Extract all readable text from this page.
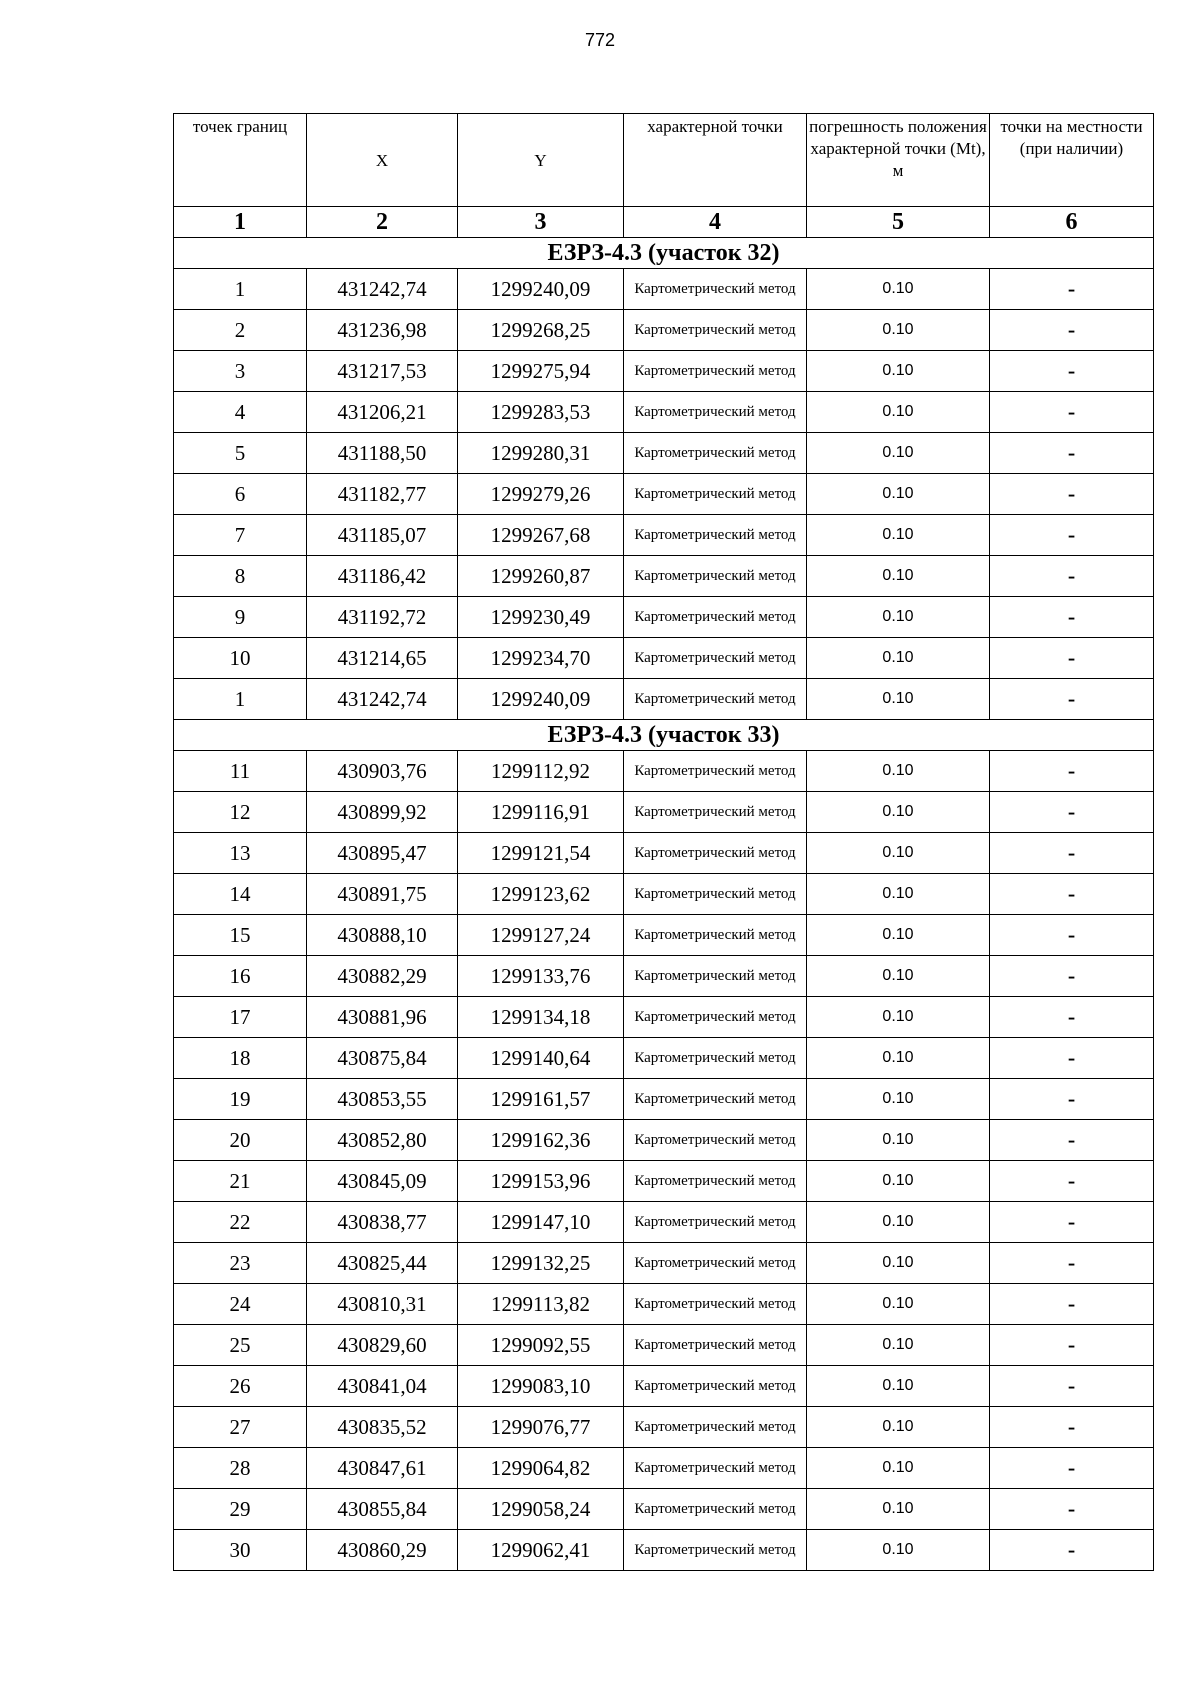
772
точек границ	X	Y	характерной точки	погрешность положения характерной точки (Mt), м	точки на местности (при наличии)
1	2	3	4	5	6
ЕЗРЗ-4.3 (участок 32)					
1	431242,74	1299240,09	Картометрический метод	0.10	-
2	431236,98	1299268,25	Картометрический метод	0.10	-
3	431217,53	1299275,94	Картометрический метод	0.10	-
4	431206,21	1299283,53	Картометрический метод	0.10	-
5	431188,50	1299280,31	Картометрический метод	0.10	-
6	431182,77	1299279,26	Картометрический метод	0.10	-
7	431185,07	1299267,68	Картометрический метод	0.10	-
8	431186,42	1299260,87	Картометрический метод	0.10	-
9	431192,72	1299230,49	Картометрический метод	0.10	-
10	431214,65	1299234,70	Картометрический метод	0.10	-
1	431242,74	1299240,09	Картометрический метод	0.10	-
ЕЗРЗ-4.3 (участок 33)					
11	430903,76	1299112,92	Картометрический метод	0.10	-
12	430899,92	1299116,91	Картометрический метод	0.10	-
13	430895,47	1299121,54	Картометрический метод	0.10	-
14	430891,75	1299123,62	Картометрический метод	0.10	-
15	430888,10	1299127,24	Картометрический метод	0.10	-
16	430882,29	1299133,76	Картометрический метод	0.10	-
17	430881,96	1299134,18	Картометрический метод	0.10	-
18	430875,84	1299140,64	Картометрический метод	0.10	-
19	430853,55	1299161,57	Картометрический метод	0.10	-
20	430852,80	1299162,36	Картометрический метод	0.10	-
21	430845,09	1299153,96	Картометрический метод	0.10	-
22	430838,77	1299147,10	Картометрический метод	0.10	-
23	430825,44	1299132,25	Картометрический метод	0.10	-
24	430810,31	1299113,82	Картометрический метод	0.10	-
25	430829,60	1299092,55	Картометрический метод	0.10	-
26	430841,04	1299083,10	Картометрический метод	0.10	-
27	430835,52	1299076,77	Картометрический метод	0.10	-
28	430847,61	1299064,82	Картометрический метод	0.10	-
29	430855,84	1299058,24	Картометрический метод	0.10	-
30	430860,29	1299062,41	Картометрический метод	0.10	-
